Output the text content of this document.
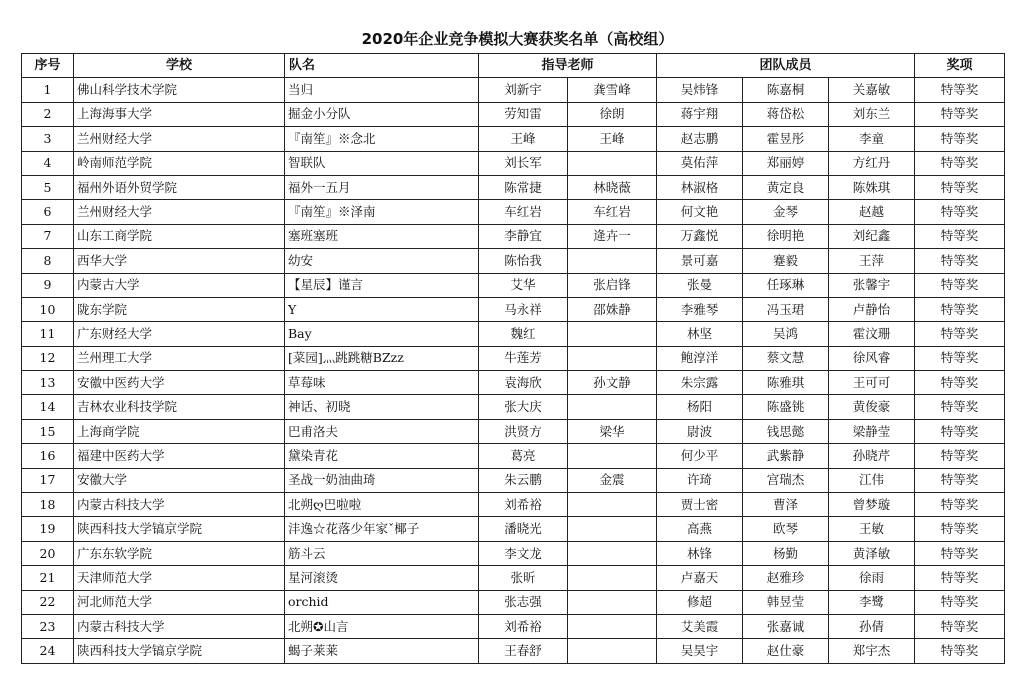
2020年企业竞争模拟大赛获奖名单（高校组）
序号	学校	队名	指导老师		团队成员			奖项
1	佛山科学技术学院	当归	刘新宇	龚雪峰	吴炜锋	陈嘉桐	关嘉敏	特等奖
2	上海海事大学	掘金小分队	劳知雷	徐朗	蒋宇翔	蒋岱松	刘东兰	特等奖
3	兰州财经大学	『南笙』※念北	王峰	王峰	赵志鹏	霍昱彤	李童	特等奖
4	岭南师范学院	智联队	刘长军		莫佑萍	郑丽婷	方红丹	特等奖
5	福州外语外贸学院	福外一五月	陈常捷	林晓薇	林淑格	黄定良	陈姝琪	特等奖
6	兰州财经大学	『南笙』※泽南	车红岩	车红岩	何文艳	金琴	赵越	特等奖
7	山东工商学院	塞班塞班	李静宜	逄卉一	万鑫悦	徐明艳	刘纪鑫	特等奖
8	西华大学	幼安	陈怡我		景可嘉	蹇毅	王萍	特等奖
9	内蒙古大学	【星辰】谨言	艾华	张启锋	张曼	任琢琳	张馨宇	特等奖
10	陇东学院	Y	马永祥	邵姝静	李雅琴	冯玉珺	卢静怡	特等奖
11	广东财经大学	Bay	魏红		林坚	吴鸿	霍汶珊	特等奖
12	兰州理工大学	[菜园]灬跳跳糖BZzz	牛莲芳		鲍淳洋	蔡文慧	徐风睿	特等奖
13	安徽中医药大学	草莓味	袁海欣	孙文静	朱宗露	陈雅琪	王可可	特等奖
14	吉林农业科技学院	神话、初晓	张大庆		杨阳	陈盛铫	黄俊豪	特等奖
15	上海商学院	巴甫洛夫	洪贤方	梁华	尉波	钱思懿	梁静莹	特等奖
16	福建中医药大学	黛染青花	葛亮		何少平	武紫静	孙晓芹	特等奖
17	安徽大学	圣战一奶油曲琦	朱云鹏	金震	许琦	宫瑞杰	江伟	特等奖
18	内蒙古科技大学	北朔ღ巴啦啦	刘希裕		贾士密	曹泽	曾梦璇	特等奖
19	陕西科技大学镐京学院	沣逸☆花落少年家ˇ椰子	潘晓光		高燕	欧琴	王敏	特等奖
20	广东东软学院	筋斗云	李文龙		林锋	杨勤	黄泽敏	特等奖
21	天津师范大学	星河滚烫	张昕		卢嘉天	赵雅珍	徐雨	特等奖
22	河北师范大学	orchid	张志强		修超	韩昱莹	李鹭	特等奖
23	内蒙古科技大学	北朔✪山言	刘希裕		艾美霞	张嘉诚	孙倩	特等奖
24	陕西科技大学镐京学院	蝎子莱莱	王春舒		吴昊宇	赵仕豪	郑宇杰	特等奖
